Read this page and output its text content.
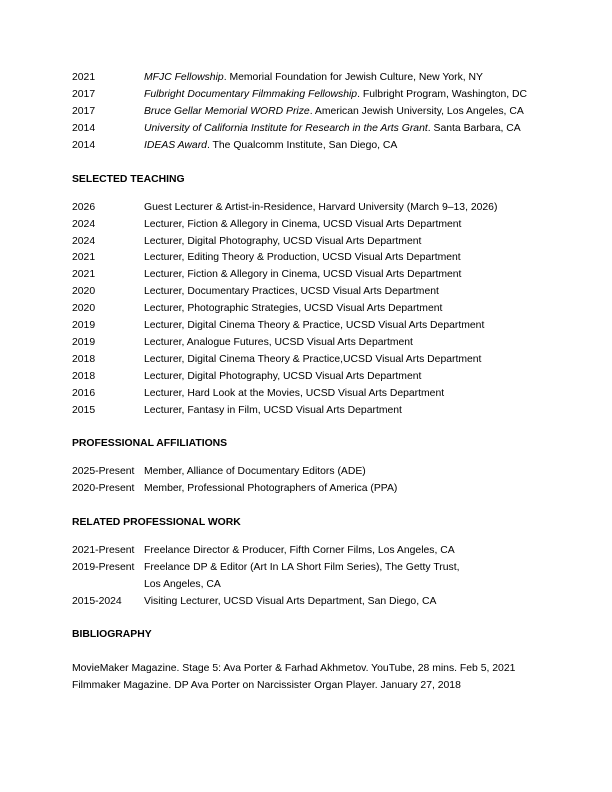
2021	MFJC Fellowship. Memorial Foundation for Jewish Culture, New York, NY
2017	Fulbright Documentary Filmmaking Fellowship. Fulbright Program, Washington, DC
2017	Bruce Gellar Memorial WORD Prize. American Jewish University, Los Angeles, CA
2014	University of California Institute for Research in the Arts Grant. Santa Barbara, CA
2014	IDEAS Award. The Qualcomm Institute, San Diego, CA
SELECTED TEACHING
2026	Guest Lecturer & Artist-in-Residence, Harvard University (March 9–13, 2026)
2024	Lecturer, Fiction & Allegory in Cinema, UCSD Visual Arts Department
2024	Lecturer, Digital Photography, UCSD Visual Arts Department
2021	Lecturer, Editing Theory & Production, UCSD Visual Arts Department
2021	Lecturer, Fiction & Allegory in Cinema, UCSD Visual Arts Department
2020	Lecturer, Documentary Practices, UCSD Visual Arts Department
2020	Lecturer, Photographic Strategies, UCSD Visual Arts Department
2019	Lecturer, Digital Cinema Theory & Practice, UCSD Visual Arts Department
2019	Lecturer, Analogue Futures, UCSD Visual Arts Department
2018	Lecturer, Digital Cinema Theory & Practice,UCSD Visual Arts Department
2018	Lecturer, Digital Photography, UCSD Visual Arts Department
2016	Lecturer, Hard Look at the Movies, UCSD Visual Arts Department
2015	Lecturer, Fantasy in Film, UCSD Visual Arts Department
PROFESSIONAL AFFILIATIONS
2025-Present Member, Alliance of Documentary Editors (ADE)
2020-Present Member, Professional Photographers of America (PPA)
RELATED PROFESSIONAL WORK
2021-Present Freelance Director & Producer, Fifth Corner Films, Los Angeles, CA
2019-Present Freelance DP & Editor (Art In LA Short Film Series), The Getty Trust,
Los Angeles, CA
2015-2024 Visiting Lecturer, UCSD Visual Arts Department, San Diego, CA
BIBLIOGRAPHY
MovieMaker Magazine. Stage 5: Ava Porter & Farhad Akhmetov. YouTube, 28 mins. Feb 5, 2021
Filmmaker Magazine. DP Ava Porter on Narcissister Organ Player. January 27, 2018
